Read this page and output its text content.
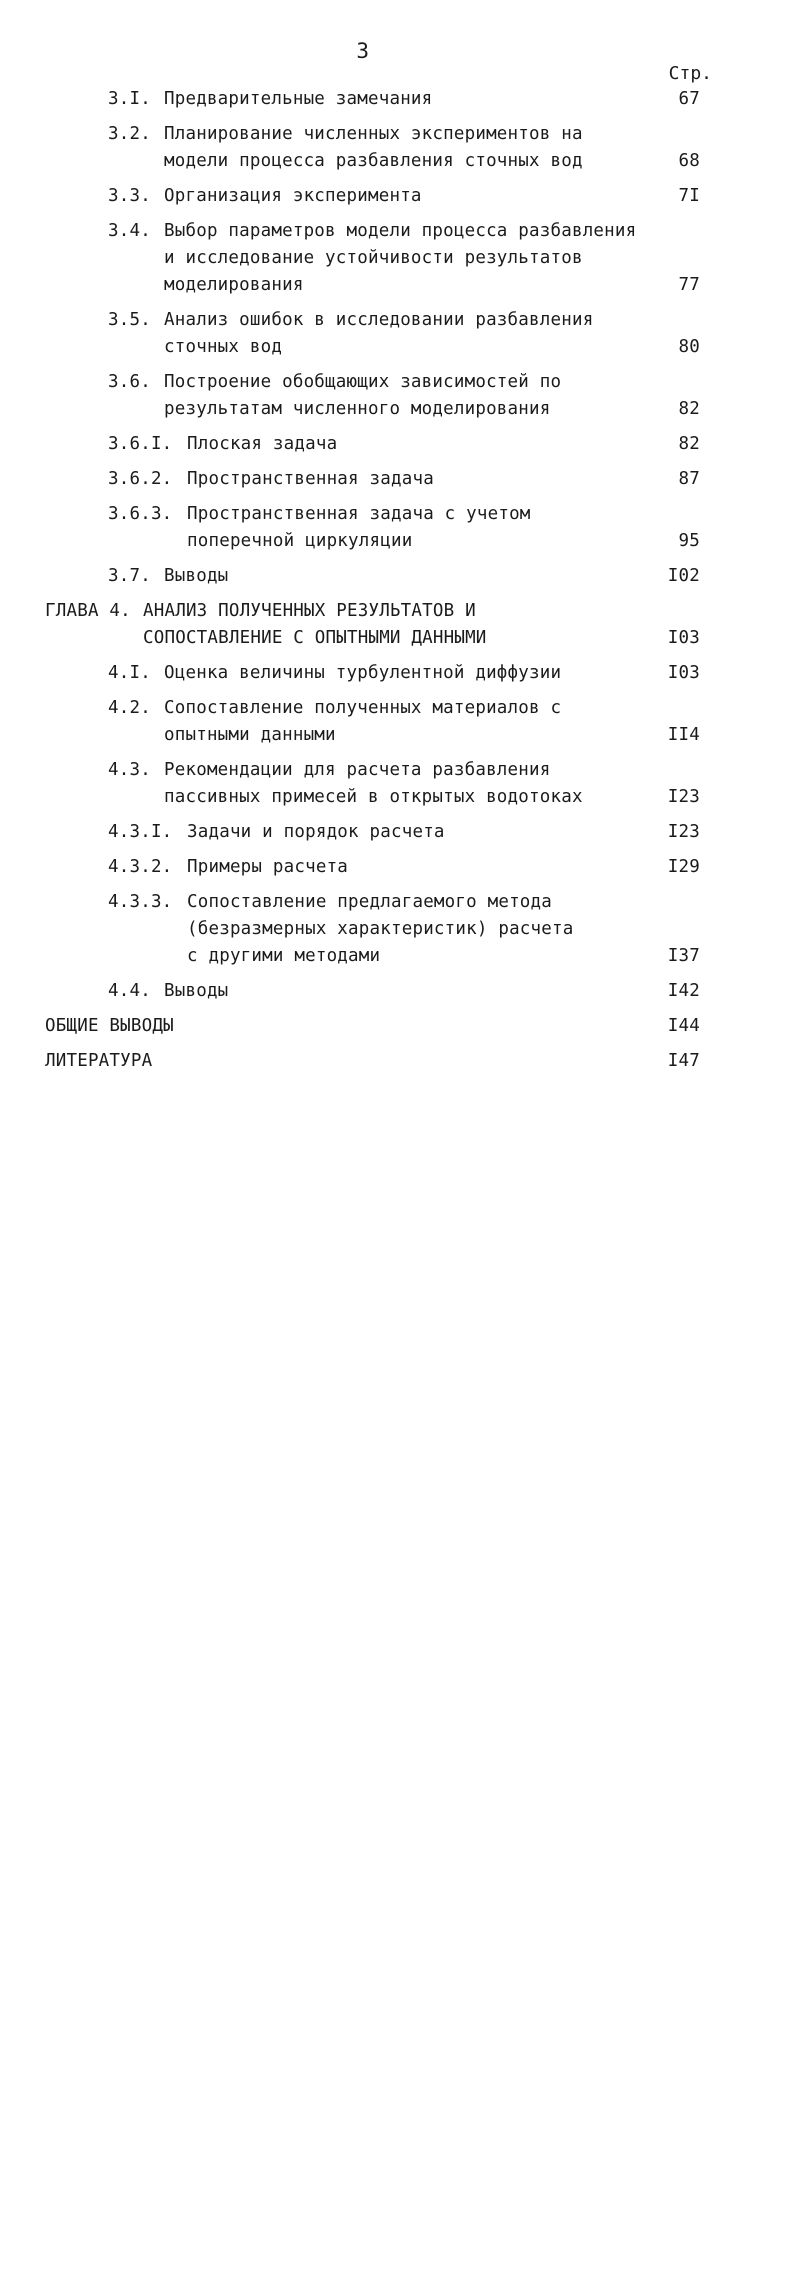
3
Стр.
3.I. Предварительные замечания	67
3.2. Планирование численных экспериментов на
модели процесса разбавления сточных вод	68
3.3. Организация эксперимента	7I
3.4. Выбор параметров модели процесса разбавления
и исследование устойчивости результатов
моделирования	77
3.5. Анализ ошибок в исследовании разбавления
сточных вод	80
3.6. Построение обобщающих зависимостей по
результатам численного моделирования	82
3.6.I. Плоская задача	82
3.6.2. Пространственная задача	87
3.6.3. Пространственная задача с учетом
поперечной циркуляции	95
3.7. Выводы	I02
ГЛАВА 4. АНАЛИЗ ПОЛУЧЕННЫХ РЕЗУЛЬТАТОВ И
СОПОСТАВЛЕНИЕ С ОПЫТНЫМИ ДАННЫМИ	I03
4.I. Оценка величины турбулентной диффузии	I03
4.2. Сопоставление полученных материалов с
опытными данными	II4
4.3. Рекомендации для расчета разбавления
пассивных примесей в открытых водотоках	I23
4.3.I. Задачи и порядок расчета	I23
4.3.2. Примеры расчета	I29
4.3.3. Сопоставление предлагаемого метода
(безразмерных характеристик) расчета
с другими методами	I37
4.4. Выводы	I42
ОБЩИЕ ВЫВОДЫ	I44
ЛИТЕРАТУРА	I47
